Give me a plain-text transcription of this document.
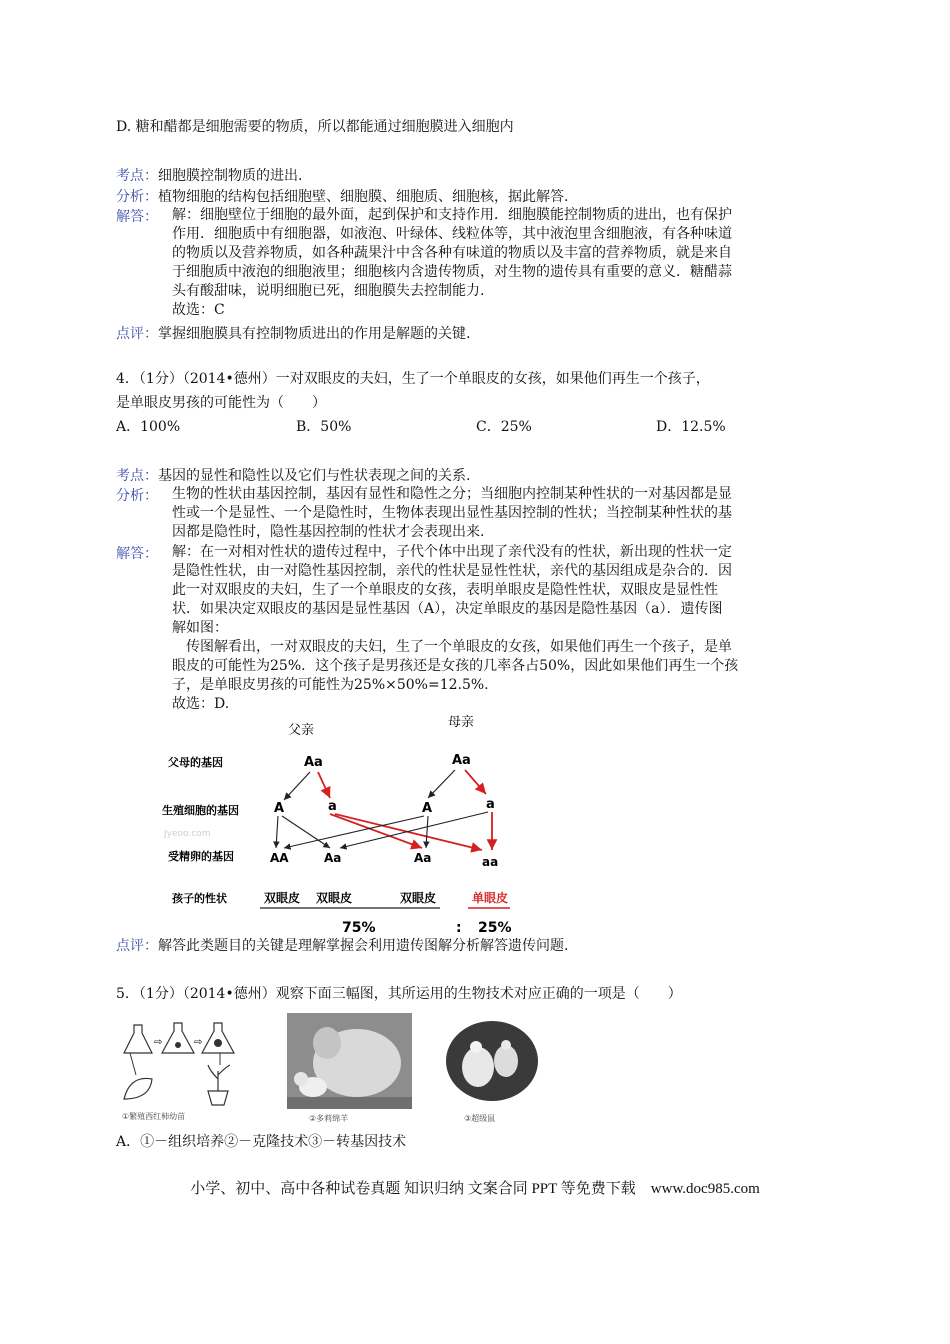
D. 糖和醋都是细胞需要的物质，所以都能通过细胞膜进入细胞内
考点：细胞膜控制物质的进出.
分析：植物细胞的结构包括细胞壁、细胞膜、细胞质、细胞核，据此解答.
解答： 解：细胞壁位于细胞的最外面，起到保护和支持作用．细胞膜能控制物质的进出，也有保护
作用．细胞质中有细胞器，如液泡、叶绿体、线粒体等，其中液泡里含细胞液，有各种味道
的物质以及营养物质，如各种蔬果汁中含各种有味道的物质以及丰富的营养物质，就是来自
于细胞质中液泡的细胞液里；细胞核内含遗传物质，对生物的遗传具有重要的意义．糖醋蒜
头有酸甜味，说明细胞已死，细胞膜失去控制能力.
故选：C
点评：掌握细胞膜具有控制物质进出的作用是解题的关键.
4．（1分）（2014•德州）一对双眼皮的夫妇，生了一个单眼皮的女孩，如果他们再生一个孩子，
是单眼皮男孩的可能性为（　　）
A．100%	B．50%	C．25%	D．12.5%
考点：基因的显性和隐性以及它们与性状表现之间的关系.
分析： 生物的性状由基因控制，基因有显性和隐性之分；当细胞内控制某种性状的一对基因都是显
性或一个是显性、一个是隐性时，生物体表现出显性基因控制的性状；当控制某种性状的基
因都是隐性时，隐性基因控制的性状才会表现出来.
解答： 解：在一对相对性状的遗传过程中，子代个体中出现了亲代没有的性状，新出现的性状一定
是隐性性状，由一对隐性基因控制，亲代的性状是显性性状，亲代的基因组成是杂合的．因
此一对双眼皮的夫妇，生了一个单眼皮的女孩，表明单眼皮是隐性性状，双眼皮是显性性
状．如果决定双眼皮的基因是显性基因（A），决定单眼皮的基因是隐性基因（a）．遗传图
解如图：
　传图解看出，一对双眼皮的夫妇，生了一个单眼皮的女孩，如果他们再生一个孩子，是单
眼皮的可能性为25%．这个孩子是男孩还是女孩的几率各占50%，因此如果他们再生一个孩
子，是单眼皮男孩的可能性为25%×50%=12.5%.
故选：D.
父亲
母亲
父母的基因
生殖细胞的基因
受精卵的基因
孩子的性状
Jyeoo.com
Aa	Aa
A	a	A	a
AA	Aa	Aa	aa
双眼皮 双眼皮	双眼皮	单眼皮
75%	: 25%
点评：解答此类题目的关键是理解掌握会利用遗传图解分析解答遗传问题.
5．（1分）（2014•德州）观察下面三幅图，其所运用的生物技术对应正确的一项是（　　）
⇨	⇨
①繁殖西红柿幼苗	②多莉绵羊	③超级鼠
A．①－组织培养②－克隆技术③－转基因技术
小学、初中、高中各种试卷真题 知识归纳 文案合同 PPT 等免费下载　www.doc985.com
